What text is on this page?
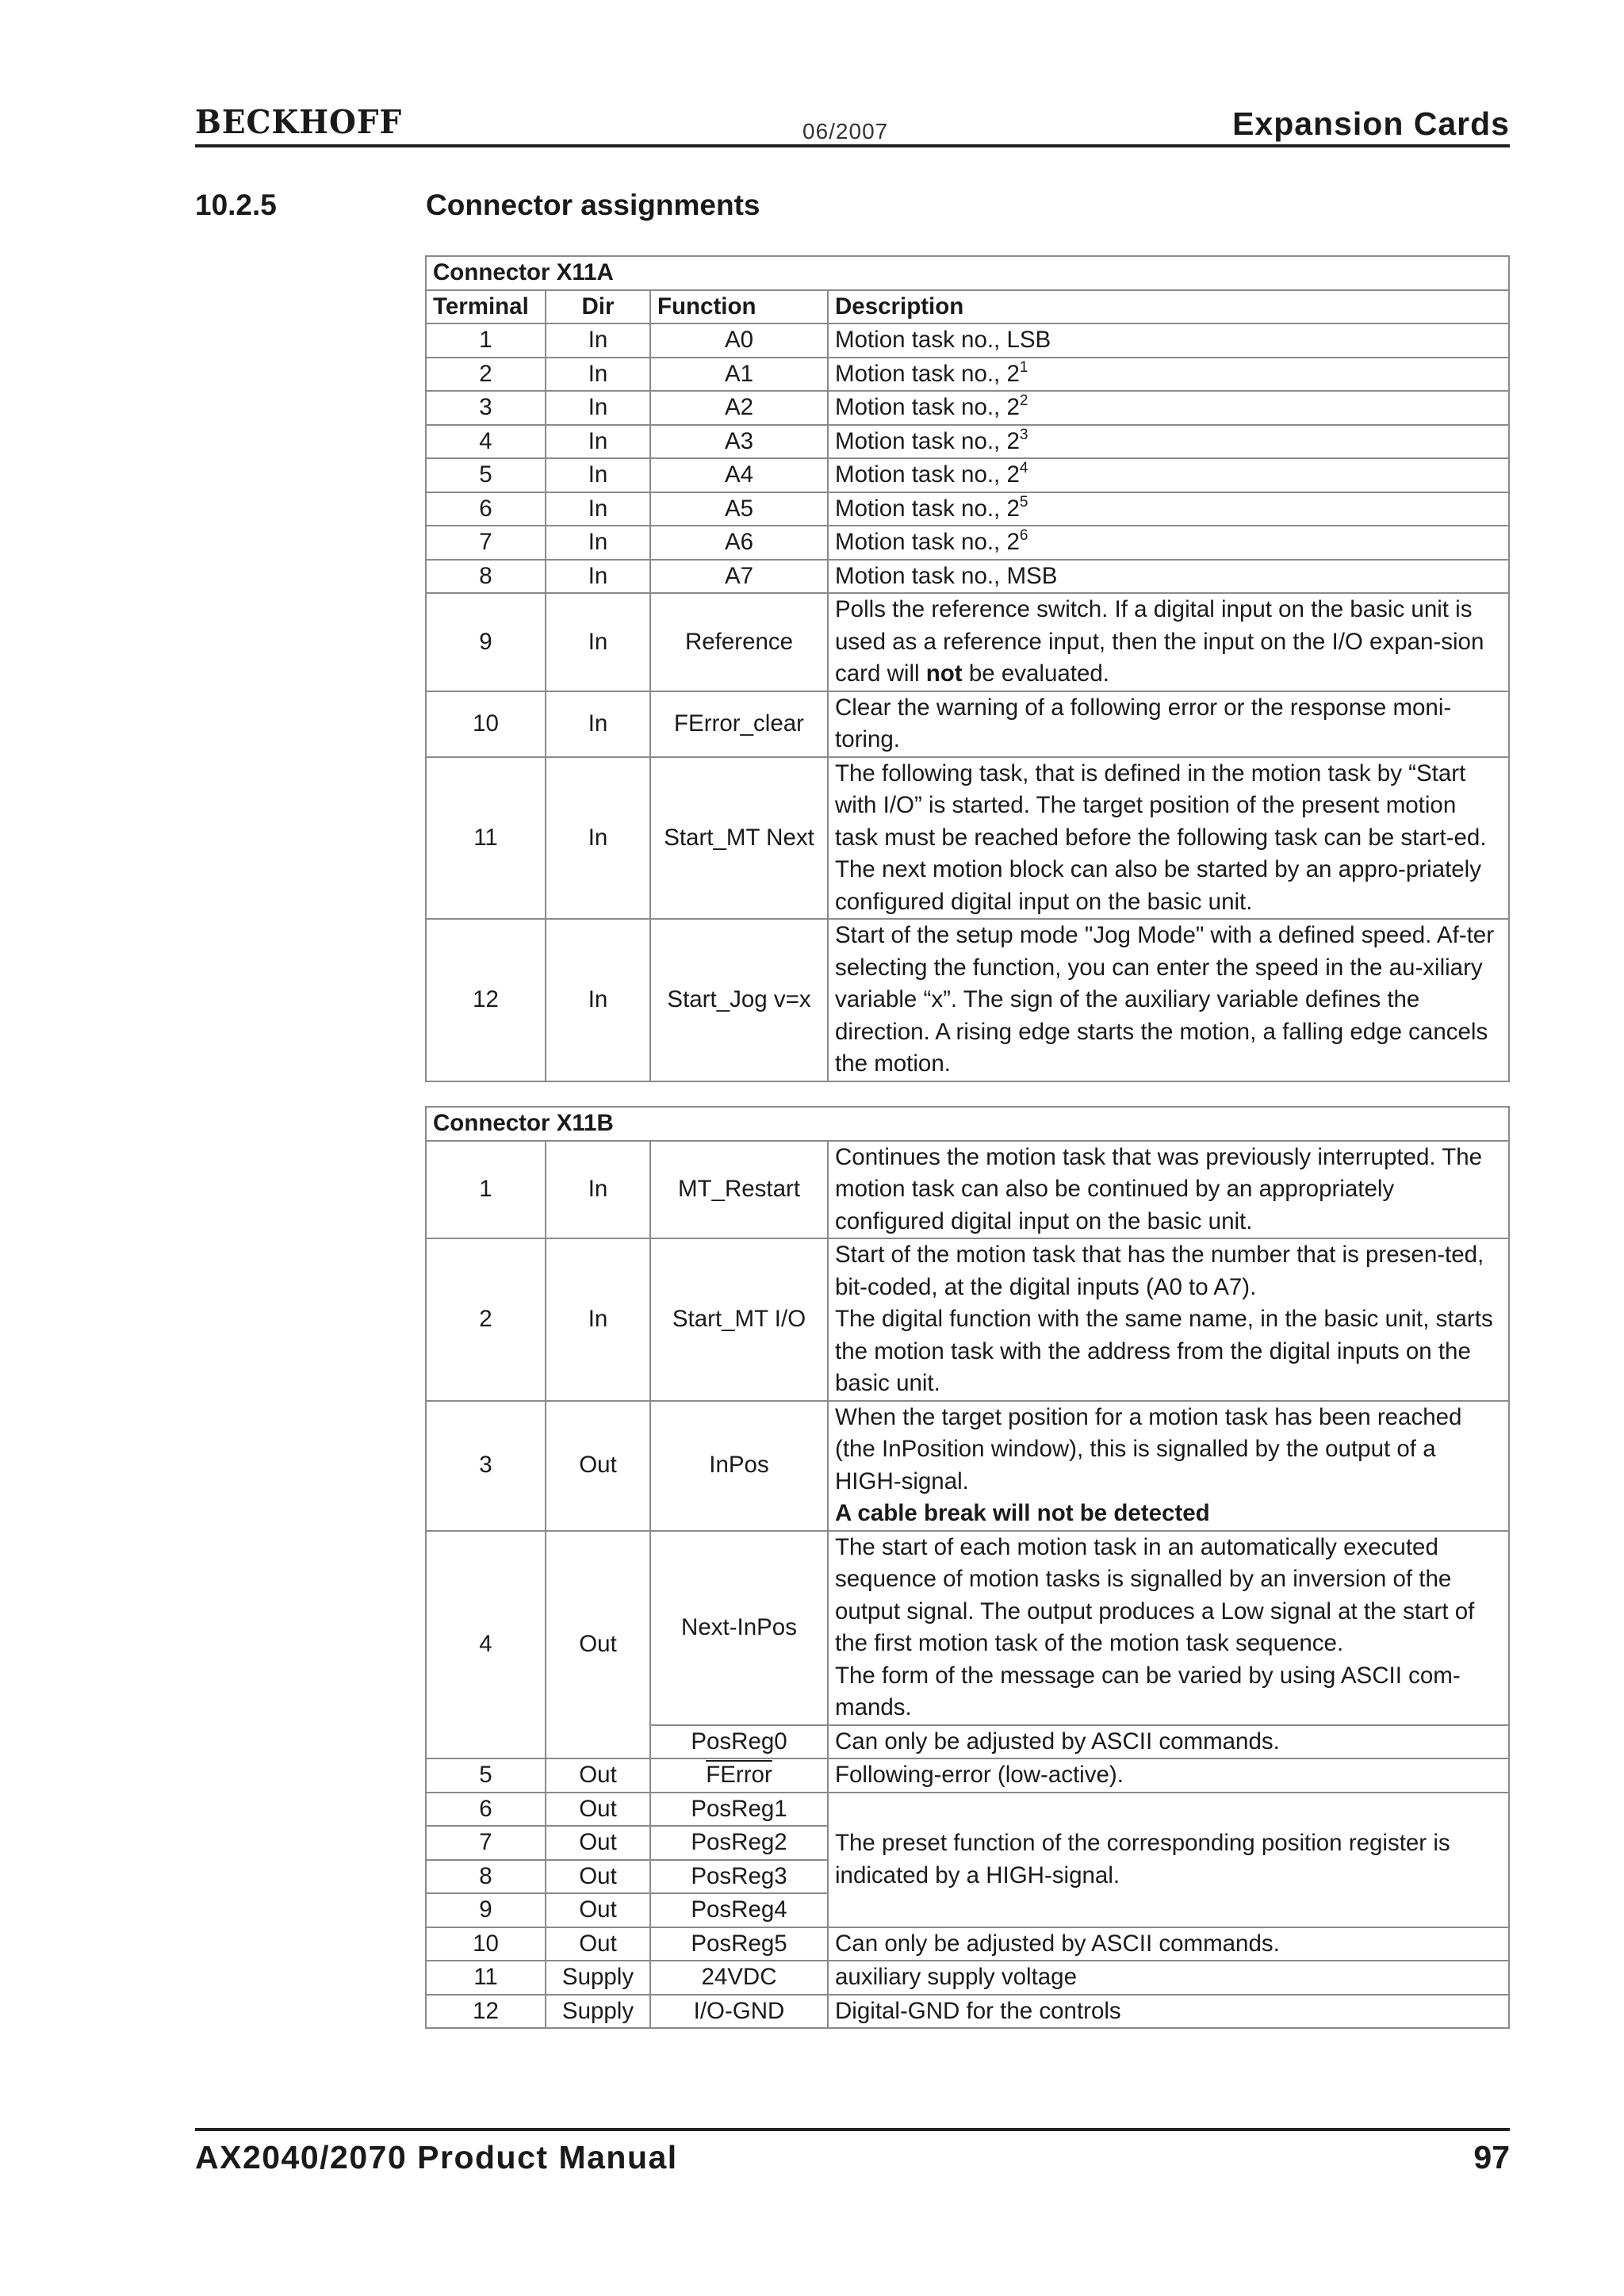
BECKHOFF	06/2007	Expansion Cards
10.2.5	Connector assignments
Connector X11A			
Terminal	Dir	Function	Description
1	In	A0	Motion task no., LSB
2	In	A1	Motion task no., $2^1$
3	In	A2	Motion task no., $2^2$
4	In	A3	Motion task no., $2^3$
5	In	A4	Motion task no., $2^4$
6	In	A5	Motion task no., $2^5$
7	In	A6	Motion task no., $2^6$
8	In	A7	Motion task no., MSB
9	In	Reference	Polls the reference switch. If a digital input on the basic unit is used as a reference input, then the input on the I/O expan-sion card will not be evaluated.
10	In	FError_clear	Clear the warning of a following error or the response moni-toring.
11	In	Start_MT Next	The following task, that is defined in the motion task by “Start with I/O” is started. The target position of the present motion task must be reached before the following task can be start-ed. The next motion block can also be started by an appro-priately configured digital input on the basic unit.
12	In	Start_Jog v=x	Start of the setup mode "Jog Mode" with a defined speed. Af-ter selecting the function, you can enter the speed in the au-xiliary variable “x”. The sign of the auxiliary variable defines the direction. A rising edge starts the motion, a falling edge cancels the motion.
Connector X11B			
1	In	MT_Restart	Continues the motion task that was previously interrupted. The motion task can also be continued by an appropriately configured digital input on the basic unit.
2	In	Start_MT I/O	Start of the motion task that has the number that is presen-ted, bit-coded, at the digital inputs (A0 to A7).
The digital function with the same name, in the basic unit, starts the motion task with the address from the digital inputs on the basic unit.

3	Out	InPos	When the target position for a motion task has been reached (the InPosition window), this is signalled by the output of a HIGH-signal.
A cable break will not be detected

4	Out	Next-InPos	The start of each motion task in an automatically executed sequence of motion tasks is signalled by an inversion of the output signal. The output produces a Low signal at the start of the first motion task of the motion task sequence.
The form of the message can be varied by using ASCII com-mands.

		PosReg0	Can only be adjusted by ASCII commands.
5	Out	FError	Following-error (low-active).
6	Out	PosReg1	The preset function of the corresponding position register is indicated by a HIGH-signal.
7	Out	PosReg2	
8	Out	PosReg3	
9	Out	PosReg4	
10	Out	PosReg5	Can only be adjusted by ASCII commands.
11	Supply	24VDC	auxiliary supply voltage
12	Supply	I/O-GND	Digital-GND for the controls
AX2040/2070 Product Manual	97
